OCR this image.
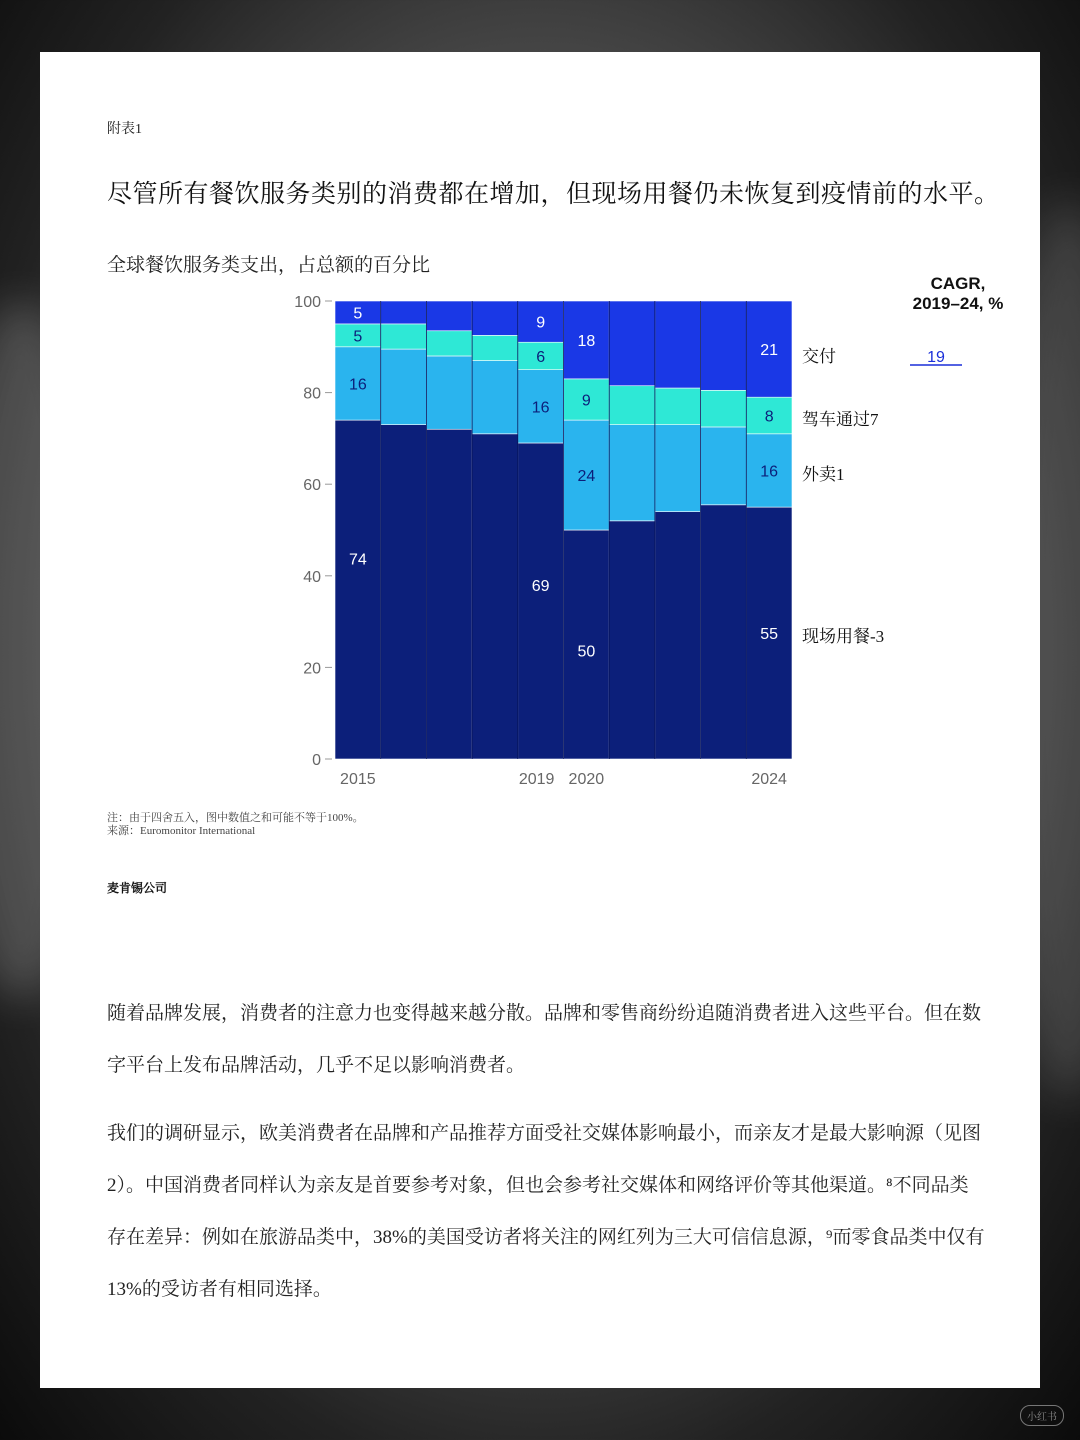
附表1
尽管所有餐饮服务类别的消费都在增加，但现场用餐仍未恢复到疫情前的水平。
全球餐饮服务类支出，占总额的百分比
0
20
40
60
80
100
2015	2019 2020	2024
74
69
50
55
16
16
24	16
5
6
9
8
5
9
18
21
现场用餐-3
外卖1
驾车通过7
交付
CAGR,
2019–24, %
19
注：由于四舍五入，图中数值之和可能不等于100%。
来源：Euromonitor International
麦肯锡公司
随着品牌发展，消费者的注意力也变得越来越分散。品牌和零售商纷纷追随消费者进入这些平台。但在数字平台上发布品牌活动，几乎不足以影响消费者。
我们的调研显示，欧美消费者在品牌和产品推荐方面受社交媒体影响最小，而亲友才是最大影响源（见图2）。中国消费者同样认为亲友是首要参考对象，但也会参考社交媒体和网络评价等其他渠道。⁸不同品类存在差异：例如在旅游品类中，38%的美国受访者将关注的网红列为三大可信信息源，⁹而零食品类中仅有13%的受访者有相同选择。
小红书
